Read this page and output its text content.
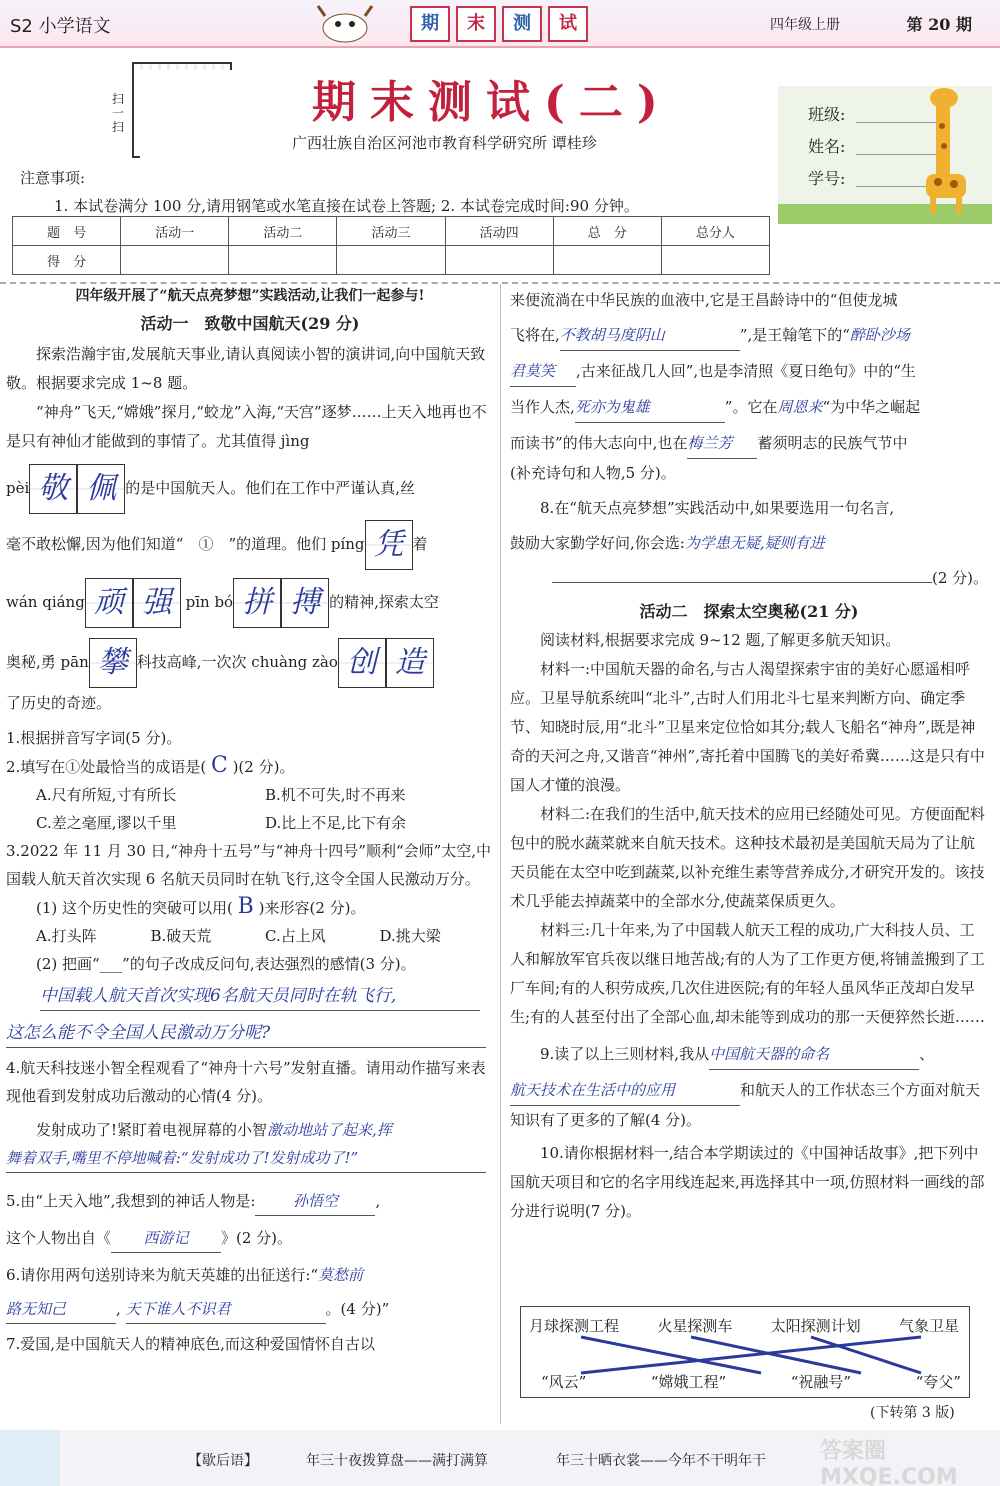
S2 小学语文	期	末	测	试	四年级上册	第 20 期
扫一扫	期末测试(二)
广西壮族自治区河池市教育科学研究所 谭桂珍
班级:
姓名:
学号:
注意事项:
1. 本试卷满分 100 分,请用钢笔或水笔直接在试卷上答题; 2. 本试卷完成时间:90 分钟。
题　号	活动一	活动二	活动三	活动四	总　分	总分人
得　分						
四年级开展了“航天点亮梦想”实践活动,让我们一起参与!
活动一　致敬中国航天(29 分)
探索浩瀚宇宙,发展航天事业,请认真阅读小智的演讲词,向中国航天致敬。根据要求完成 1~8 题。
“神舟”飞天,“嫦娥”探月,“蛟龙”入海,“天宫”逐梦……上天入地再也不是只有神仙才能做到的事情了。尤其值得 jìng
pèi 敬 佩 的是中国航天人。他们在工作中严谨认真,丝
毫不敢松懈,因为他们知道“　①　”的道理。他们 píng 凭 着
wán qiáng 顽 强 pīn bó 拼 搏 的精神,探索太空
奥秘,勇 pān 攀 科技高峰,一次次 chuàng zào 创 造
了历史的奇迹。
1.根据拼音写字词(5 分)。
2.填写在①处最恰当的成语是( C )(2 分)。
A.尺有所短,寸有所长	B.机不可失,时不再来
C.差之毫厘,谬以千里	D.比上不足,比下有余
3.2022 年 11 月 30 日,“神舟十五号”与“神舟十四号”顺利“会师”太空,中国载人航天首次实现 6 名航天员同时在轨飞行,这令全国人民激动万分。
(1) 这个历史性的突破可以用( B )来形容(2 分)。
A.打头阵	B.破天荒	C.占上风	D.挑大梁
(2) 把画“___”的句子改成反问句,表达强烈的感情(3 分)。
中国载人航天首次实现6名航天员同时在轨飞行, 这怎么能不令全国人民激动万分呢?
4.航天科技迷小智全程观看了“神舟十六号”发射直播。请用动作描写来表现他看到发射成功后激动的心情(4 分)。
发射成功了!紧盯着电视屏幕的小智激动地站了起来,挥
舞着双手,嘴里不停地喊着:“发射成功了!发射成功了!”
5.由“上天入地”,我想到的神话人物是: 孙悟空	,
这个人物出自《 西游记 》(2 分)。
6.请你用两句送别诗来为航天英雄的出征送行:“莫愁前
路无知己	, 天下谁人不识君	。(4 分)”
7.爱国,是中国航天人的精神底色,而这种爱国情怀自古以
来便流淌在中华民族的血液中,它是王昌龄诗中的“但使龙城
飞将在,不教胡马度阴山	”,是王翰笔下的“醉卧沙场
君莫笑 ,古来征战几人回”,也是李清照《夏日绝句》中的“生
当作人杰,死亦为鬼雄	”。它在周恩来“为中华之崛起
而读书”的伟大志向中,也在梅兰芳 蓄须明志的民族气节中
(补充诗句和人物,5 分)。
8.在“航天点亮梦想”实践活动中,如果要选用一句名言,
鼓励大家勤学好问,你会选:为学患无疑,疑则有进
(2 分)。
活动二　探索太空奥秘(21 分)
阅读材料,根据要求完成 9~12 题,了解更多航天知识。
材料一:中国航天器的命名,与古人渴望探索宇宙的美好心愿遥相呼应。卫星导航系统叫“北斗”,古时人们用北斗七星来判断方向、确定季节、知晓时辰,用“北斗”卫星来定位恰如其分;载人飞船名“神舟”,既是神奇的天河之舟,又谐音“神州”,寄托着中国腾飞的美好希冀……这是只有中国人才懂的浪漫。
材料二:在我们的生活中,航天技术的应用已经随处可见。方便面配料包中的脱水蔬菜就来自航天技术。这种技术最初是美国航天局为了让航天员能在太空中吃到蔬菜,以补充维生素等营养成分,才研究开发的。该技术几乎能去掉蔬菜中的全部水分,使蔬菜保质更久。
材料三:几十年来,为了中国载人航天工程的成功,广大科技人员、工人和解放军官兵夜以继日地苦战;有的人为了工作更方便,将铺盖搬到了工厂车间;有的人积劳成疾,几次住进医院;有的年轻人虽风华正茂却白发早生;有的人甚至付出了全部心血,却未能等到成功的那一天便猝然长逝……
9.读了以上三则材料,我从中国航天器的命名	、
航天技术在生活中的应用	和航天人的工作状态三个方面对航天知识有了更多的了解(4 分)。
10.请你根据材料一,结合本学期读过的《中国神话故事》,把下列中国航天项目和它的名字用线连起来,再选择其中一项,仿照材料一画线的部分进行说明(7 分)。
月球探测工程	火星探测车	太阳探测计划	气象卫星
“风云”	“嫦娥工程”	“祝融号”	“夸父”
(下转第 3 版)
【歇后语】	年三十夜拨算盘——满打满算	年三十晒衣裳——今年不干明年干 答案圈 MXQE.COM
